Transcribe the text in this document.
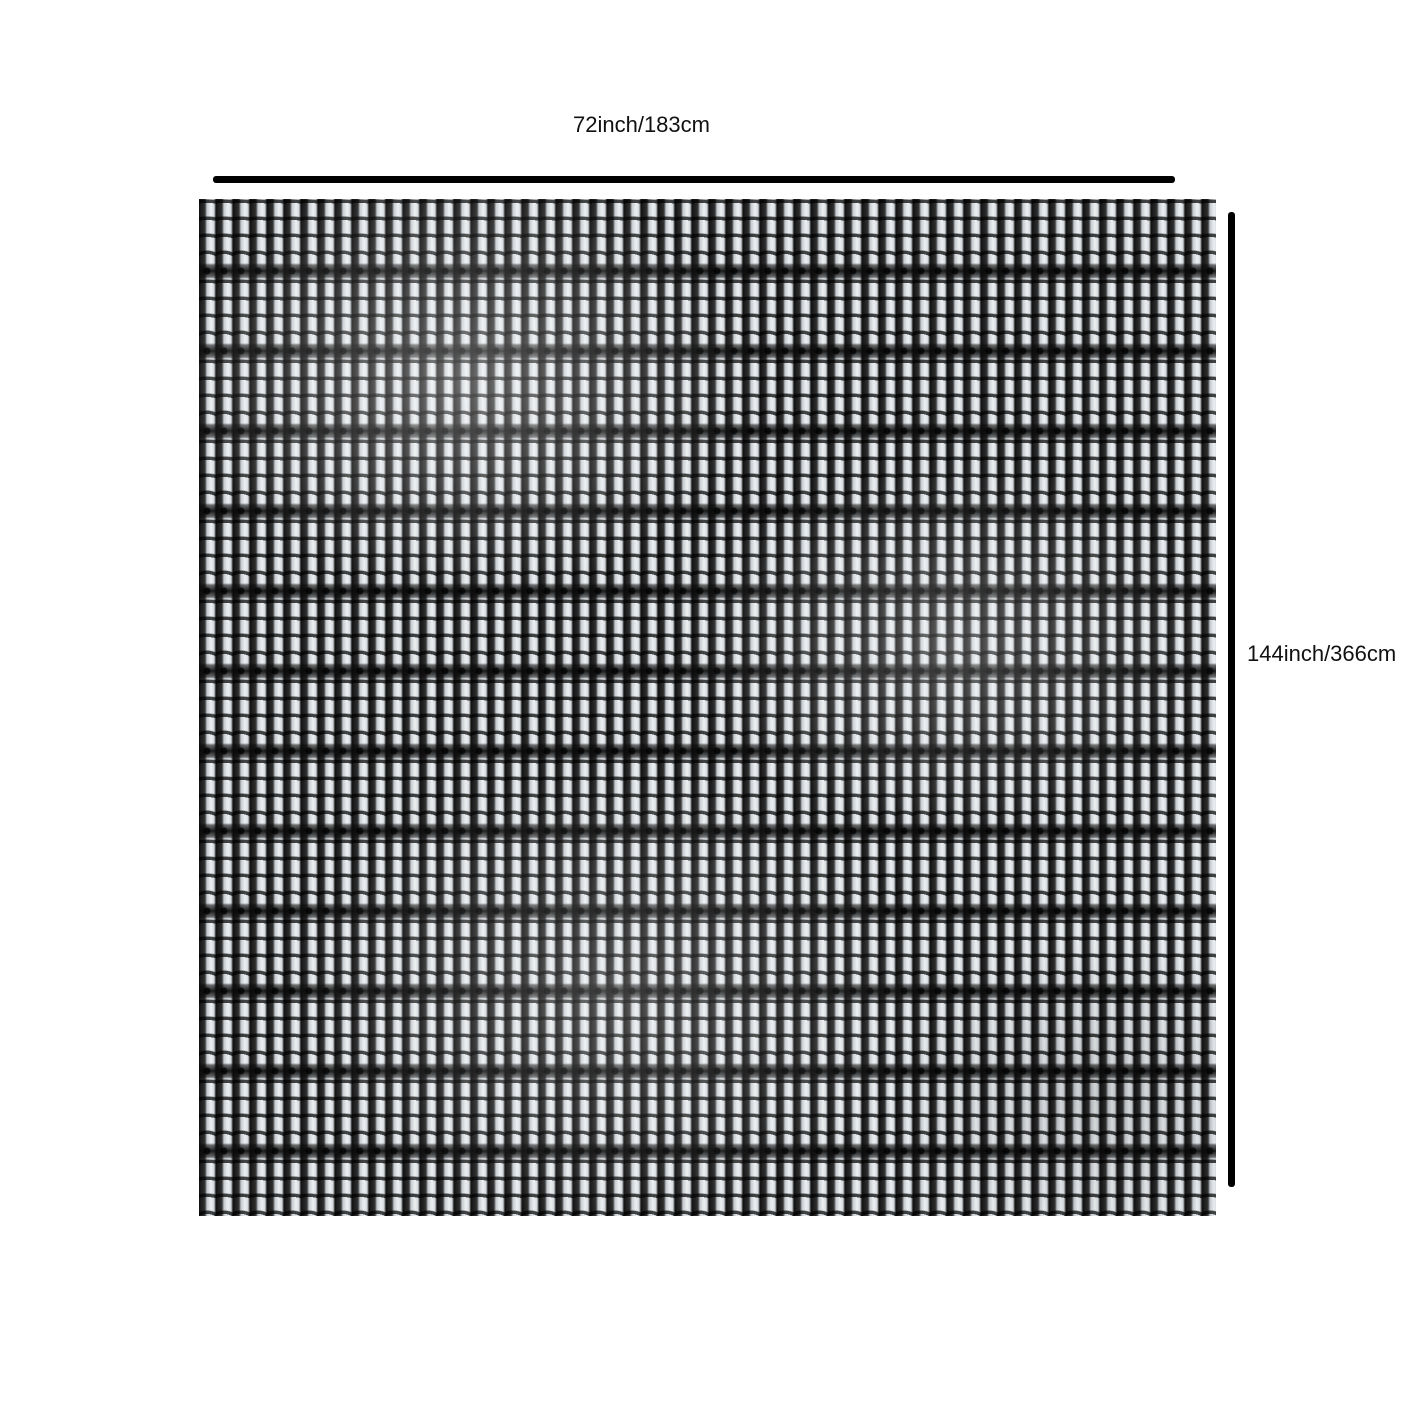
72inch/183cm
144inch/366cm
